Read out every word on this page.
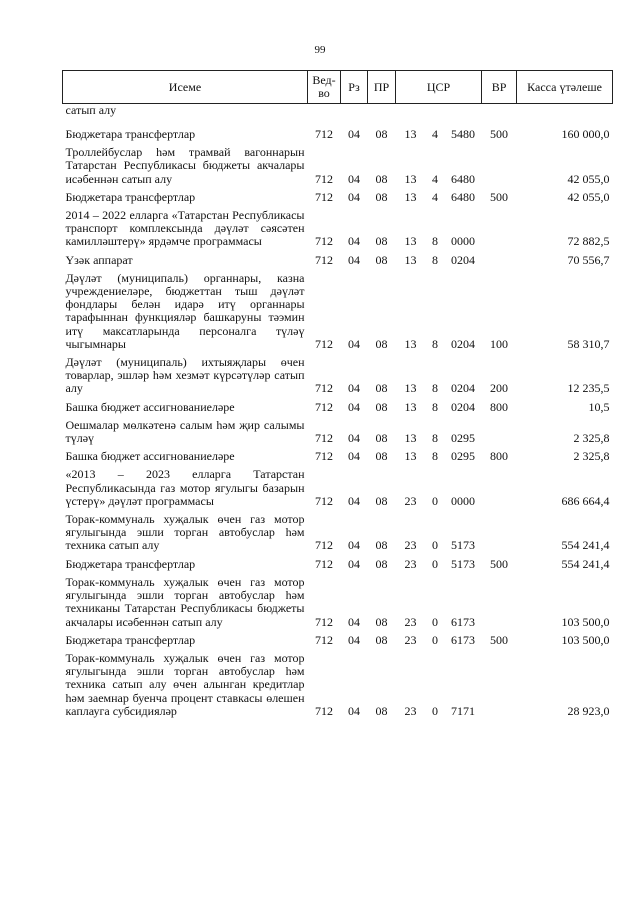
99
Исеме	Вед-во	Рз	ПР	ЦСР			ВР	Касса үтәлеше
сатып алу								
Бюджетара трансфертлар	712	04	08	13	4	5480	500	160 000,0
Троллейбуслар һәм трамвай вагоннарын Татарстан Республикасы бюджеты акчалары исәбеннән сатып алу	712	04	08	13	4	6480		42 055,0
Бюджетара трансфертлар	712	04	08	13	4	6480	500	42 055,0
2014 – 2022 елларга «Татарстан Республикасы транспорт комплексында дәүләт сәясәтен камилләштерү» ярдәмче программасы	712	04	08	13	8	0000		72 882,5
Үзәк аппарат	712	04	08	13	8	0204		70 556,7
Дәүләт (муниципаль) органнары, казна учреждениеләре, бюджеттан тыш дәүләт фондлары белән идарә итү органнары тарафыннан функцияләр башкаруны тәэмин итү максатларында персоналга түләү чыгымнары	712	04	08	13	8	0204	100	58 310,7
Дәүләт (муниципаль) ихтыяҗлары өчен товарлар, эшләр һәм хезмәт күрсәтүләр сатып алу	712	04	08	13	8	0204	200	12 235,5
Башка бюджет ассигнованиеләре	712	04	08	13	8	0204	800	10,5
Оешмалар мөлкәтенә салым һәм җир салымы түләү	712	04	08	13	8	0295		2 325,8
Башка бюджет ассигнованиеләре	712	04	08	13	8	0295	800	2 325,8
«2013 – 2023 елларга Татарстан Республикасында газ мотор ягулыгы базарын үстерү» дәүләт программасы	712	04	08	23	0	0000		686 664,4
Торак-коммуналь хуҗалык өчен газ мотор ягулыгында эшли торган автобуслар һәм техника сатып алу	712	04	08	23	0	5173		554 241,4
Бюджетара трансфертлар	712	04	08	23	0	5173	500	554 241,4
Торак-коммуналь хуҗалык өчен газ мотор ягулыгында эшли торган автобуслар һәм техниканы Татарстан Республикасы бюджеты акчалары исәбеннән сатып алу	712	04	08	23	0	6173		103 500,0
Бюджетара трансфертлар	712	04	08	23	0	6173	500	103 500,0
Торак-коммуналь хуҗалык өчен газ мотор ягулыгында эшли торган автобуслар һәм техника сатып алу өчен алынган кредитлар һәм заемнар буенча процент ставкасы өлешен каплауга субсидияләр	712	04	08	23	0	7171		28 923,0
